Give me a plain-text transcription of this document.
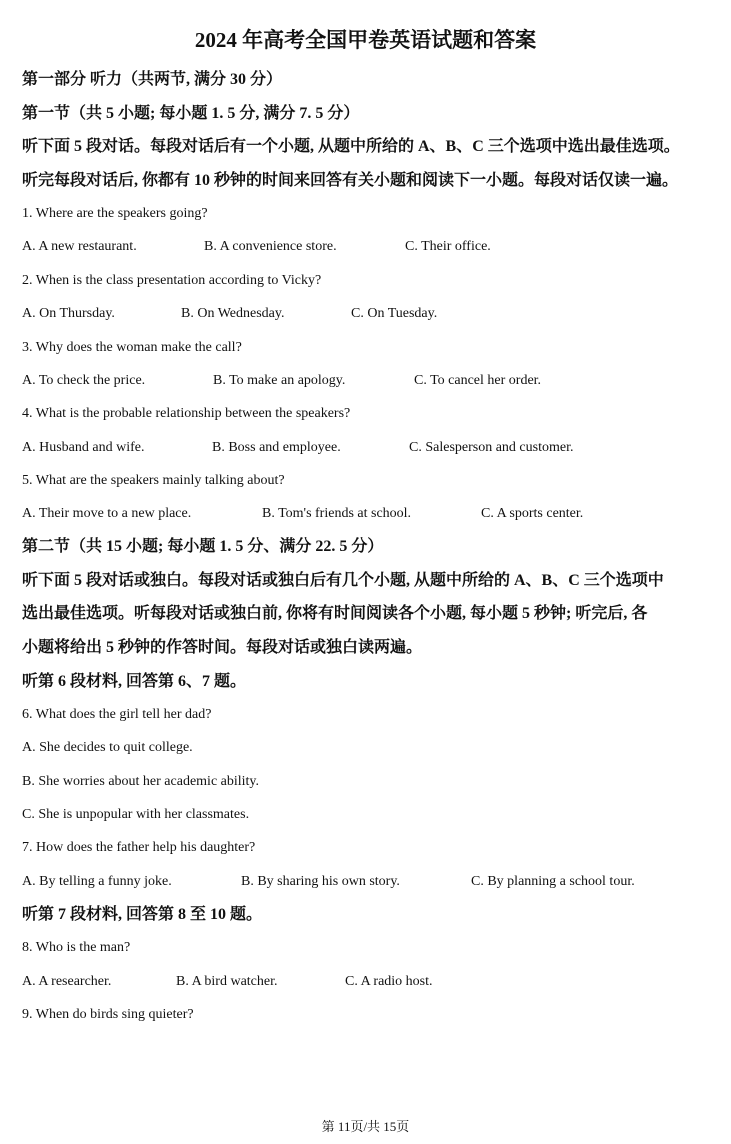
2024 年高考全国甲卷英语试题和答案
第一部分 听力（共两节, 满分 30 分）
第一节（共 5 小题; 每小题 1. 5 分, 满分 7. 5 分）
听下面 5 段对话。每段对话后有一个小题, 从题中所给的 A、B、C 三个选项中选出最佳选项。
听完每段对话后, 你都有 10 秒钟的时间来回答有关小题和阅读下一小题。每段对话仅读一遍。
1. Where are the speakers going?
A. A new restaurant.	B. A convenience store.	C. Their office.
2. When is the class presentation according to Vicky?
A. On Thursday.	B. On Wednesday.	C. On Tuesday.
3. Why does the woman make the call?
A. To check the price.	B. To make an apology.	C. To cancel her order.
4. What is the probable relationship between the speakers?
A. Husband and wife.	B. Boss and employee.	C. Salesperson and customer.
5. What are the speakers mainly talking about?
A. Their move to a new place.	B. Tom's friends at school.	C. A sports center.
第二节（共 15 小题; 每小题 1. 5 分、满分 22. 5 分）
听下面 5 段对话或独白。每段对话或独白后有几个小题, 从题中所给的 A、B、C 三个选项中
选出最佳选项。听每段对话或独白前, 你将有时间阅读各个小题, 每小题 5 秒钟; 听完后, 各
小题将给出 5 秒钟的作答时间。每段对话或独白读两遍。
听第 6 段材料, 回答第 6、7 题。
6. What does the girl tell her dad?
A. She decides to quit college.
B. She worries about her academic ability.
C. She is unpopular with her classmates.
7. How does the father help his daughter?
A. By telling a funny joke.	B. By sharing his own story.	C. By planning a school tour.
听第 7 段材料, 回答第 8 至 10 题。
8. Who is the man?
A. A researcher.	B. A bird watcher.	C. A radio host.
9. When do birds sing quieter?
第 11页/共 15页
